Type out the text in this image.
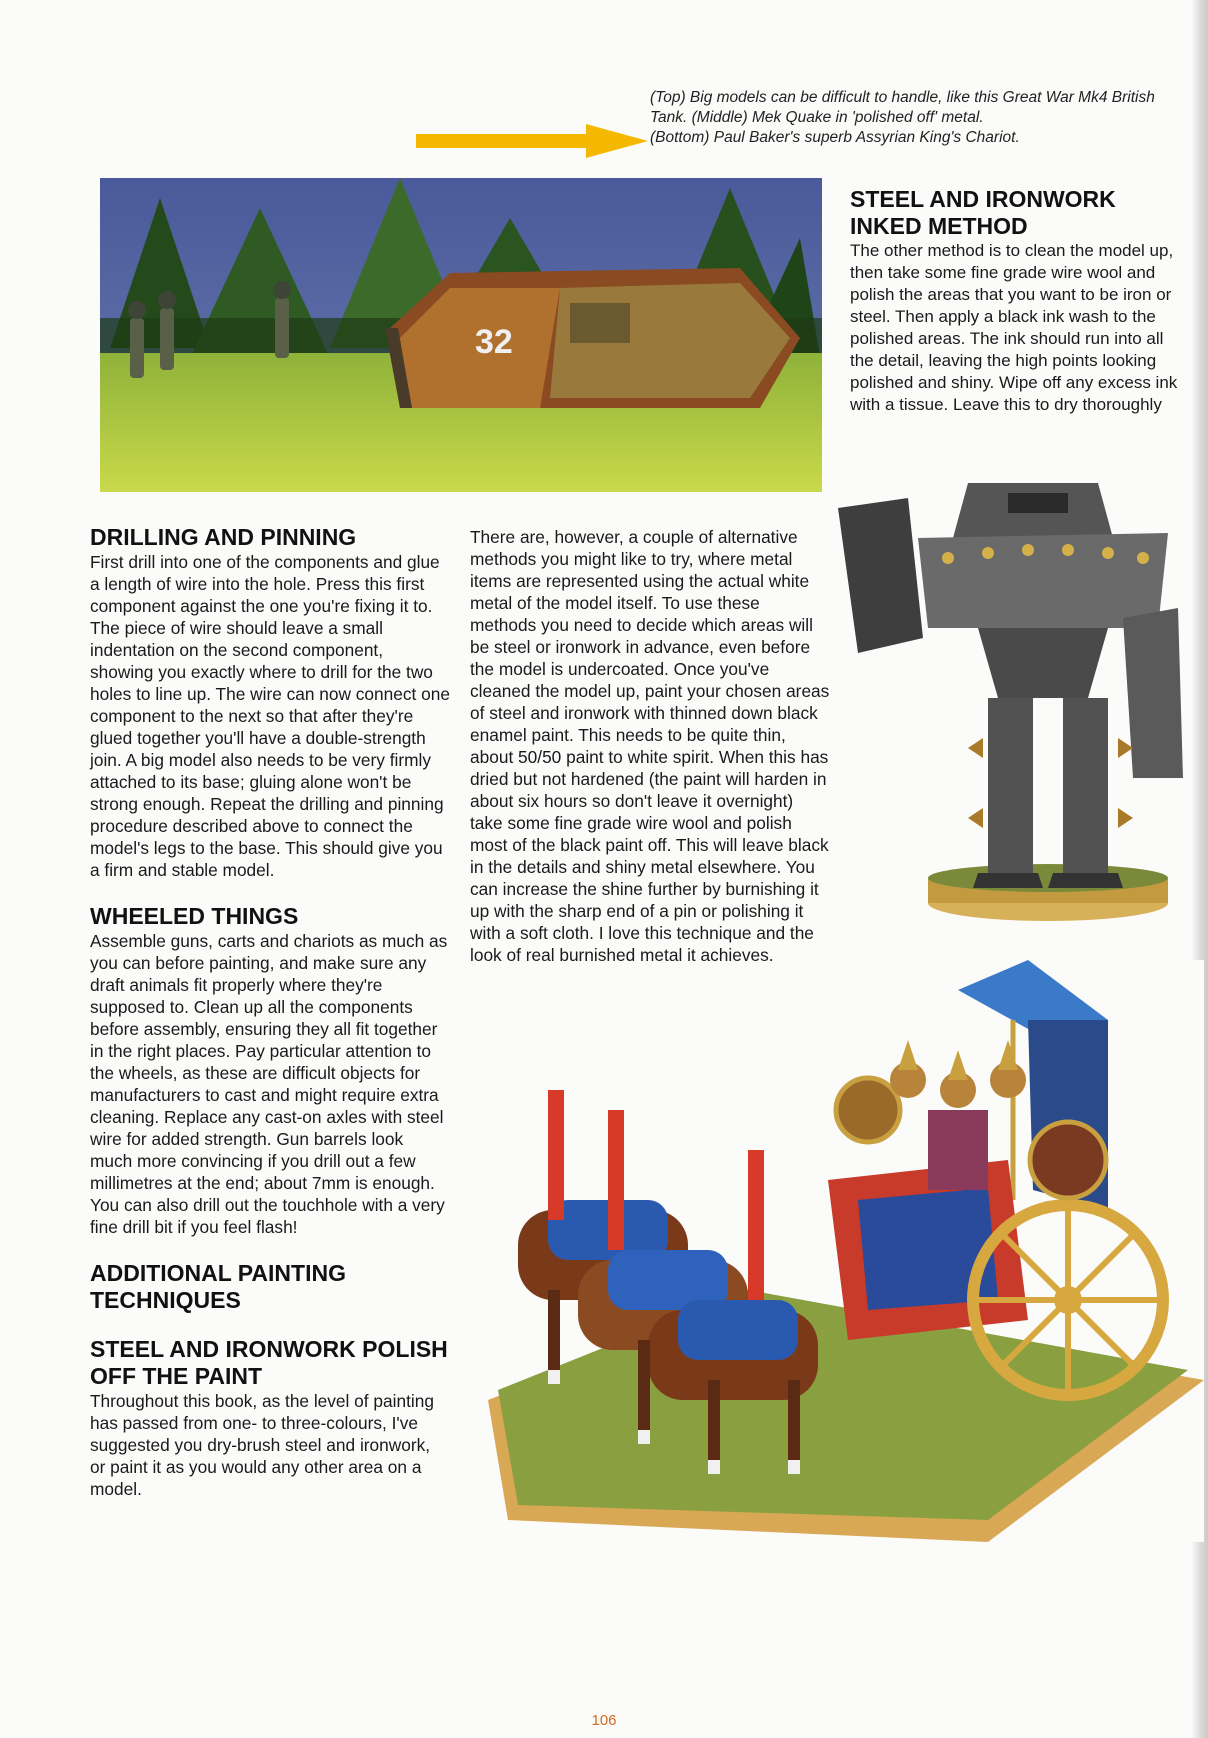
(Top) Big models can be difficult to handle, like this Great War Mk4 British Tank. (Middle) Mek Quake in 'polished off' metal.

(Bottom) Paul Baker's superb Assyrian King's Chariot.

32
DRILLING AND PINNING

First drill into one of the components and glue a length of wire into the hole. Press this first component against the one you're fixing it to. The piece of wire should leave a small indentation on the second component, showing you exactly where to drill for the two holes to line up. The wire can now connect one component to the next so that after they're glued together you'll have a double-strength join. A big model also needs to be very firmly attached to its base; gluing alone won't be strong enough. Repeat the drilling and pinning procedure described above to connect the model's legs to the base. This should give you a firm and stable model.

WHEELED THINGS

Assemble guns, carts and chariots as much as you can before painting, and make sure any draft animals fit properly where they're supposed to. Clean up all the components before assembly, ensuring they all fit together in the right places. Pay particular attention to the wheels, as these are difficult objects for manufacturers to cast and might require extra cleaning. Replace any cast-on axles with steel wire for added strength. Gun barrels look much more convincing if you drill out a few millimetres at the end; about 7mm is enough. You can also drill out the touchhole with a very fine drill bit if you feel flash!

ADDITIONAL PAINTING TECHNIQUES
STEEL AND IRONWORK POLISH OFF THE PAINT

Throughout this book, as the level of painting has passed from one- to three-colours, I've suggested you dry-brush steel and ironwork, or paint it as you would any other area on a model.

There are, however, a couple of alternative methods you might like to try, where metal items are represented using the actual white metal of the model itself. To use these methods you need to decide which areas will be steel or ironwork in advance, even before the model is undercoated. Once you've cleaned the model up, paint your chosen areas of steel and ironwork with thinned down black enamel paint. This needs to be quite thin, about 50/50 paint to white spirit. When this has dried but not hardened (the paint will harden in about six hours so don't leave it overnight) take some fine grade wire wool and polish most of the black paint off. This will leave black in the details and shiny metal elsewhere. You can increase the shine further by burnishing it up with the sharp end of a pin or polishing it with a soft cloth. I love this technique and the look of real burnished metal it achieves.

STEEL AND IRONWORK INKED METHOD

The other method is to clean the model up, then take some fine grade wire wool and polish the areas that you want to be iron or steel. Then apply a black ink wash to the polished areas. The ink should run into all the detail, leaving the high points looking polished and shiny. Wipe off any excess ink with a tissue. Leave this to dry thoroughly

106
